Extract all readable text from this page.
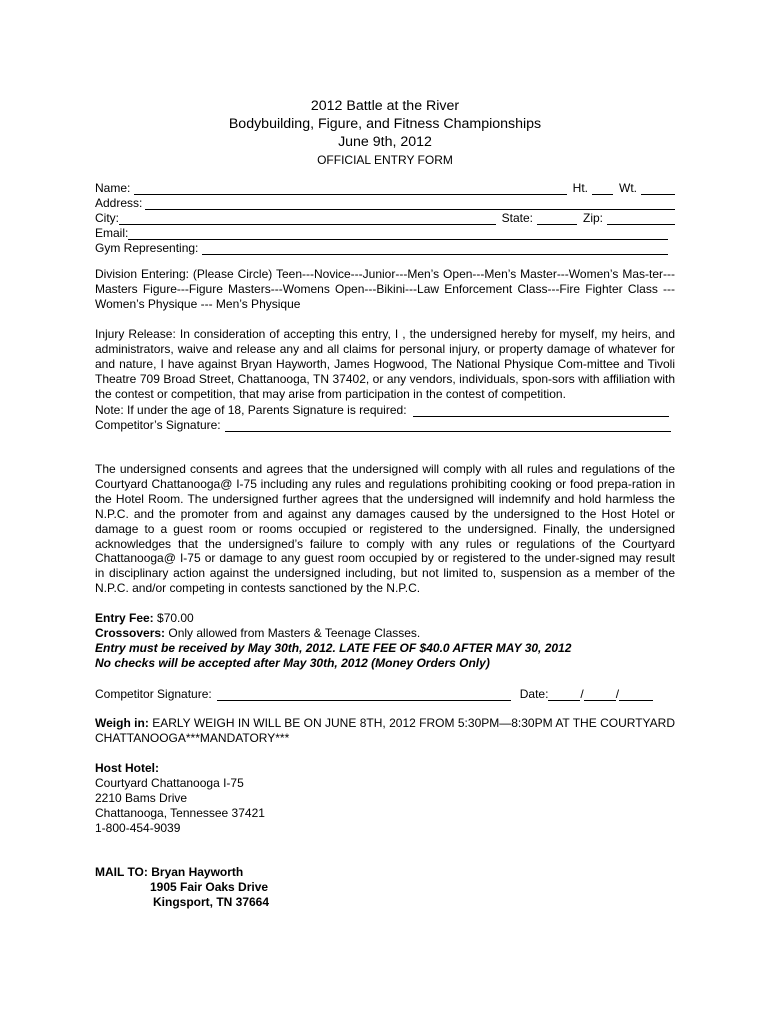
2012 Battle at the River
Bodybuilding, Figure, and Fitness Championships
June 9th, 2012
OFFICIAL ENTRY FORM
Name:	Ht.	Wt.
Address:
City:	State:	Zip:
Email:
Gym Representing:
Division Entering: (Please Circle) Teen---Novice---Junior---Men’s Open---Men’s Master---Women’s Mas-ter---Masters Figure---Figure Masters---Womens Open---Bikini---Law Enforcement Class---Fire Fighter Class --- Women’s Physique --- Men’s Physique
Injury Release: In consideration of accepting this entry, I , the undersigned hereby for myself, my heirs, and administrators, waive and release any and all claims for personal injury, or property damage of whatever for and nature, I have against Bryan Hayworth, James Hogwood, The National Physique Com-mittee and Tivoli Theatre 709 Broad Street, Chattanooga, TN 37402, or any vendors, individuals, spon-sors with affiliation with the contest or competition, that may arise from participation in the contest of competition.
Note: If under the age of 18, Parents Signature is required:
Competitor’s Signature:
The undersigned consents and agrees that the undersigned will comply with all rules and regulations of the Courtyard Chattanooga@ I-75 including any rules and regulations prohibiting cooking or food prepa-ration in the Hotel Room. The undersigned further agrees that the undersigned will indemnify and hold harmless the N.P.C. and the promoter from and against any damages caused by the undersigned to the Host Hotel or damage to a guest room or rooms occupied or registered to the undersigned. Finally, the undersigned acknowledges that the undersigned’s failure to comply with any rules or regulations of the Courtyard Chattanooga@ I-75 or damage to any guest room occupied by or registered to the under-signed may result in disciplinary action against the undersigned including, but not limited to, suspension as a member of the N.P.C. and/or competing in contests sanctioned by the N.P.C.
Entry Fee: $70.00
Crossovers: Only allowed from Masters & Teenage Classes.
Entry must be received by May 30th, 2012. LATE FEE OF $40.0 AFTER MAY 30, 2012
No checks will be accepted after May 30th, 2012 (Money Orders Only)
Competitor Signature:	Date:	/	/
Weigh in: EARLY WEIGH IN WILL BE ON JUNE 8TH, 2012 FROM 5:30PM—8:30PM AT THE COURTYARD CHATTANOOGA***MANDATORY***
Host Hotel:
Courtyard Chattanooga I-75
2210 Bams Drive
Chattanooga, Tennessee 37421
1-800-454-9039
MAIL TO: Bryan Hayworth
1905 Fair Oaks Drive
Kingsport, TN 37664
